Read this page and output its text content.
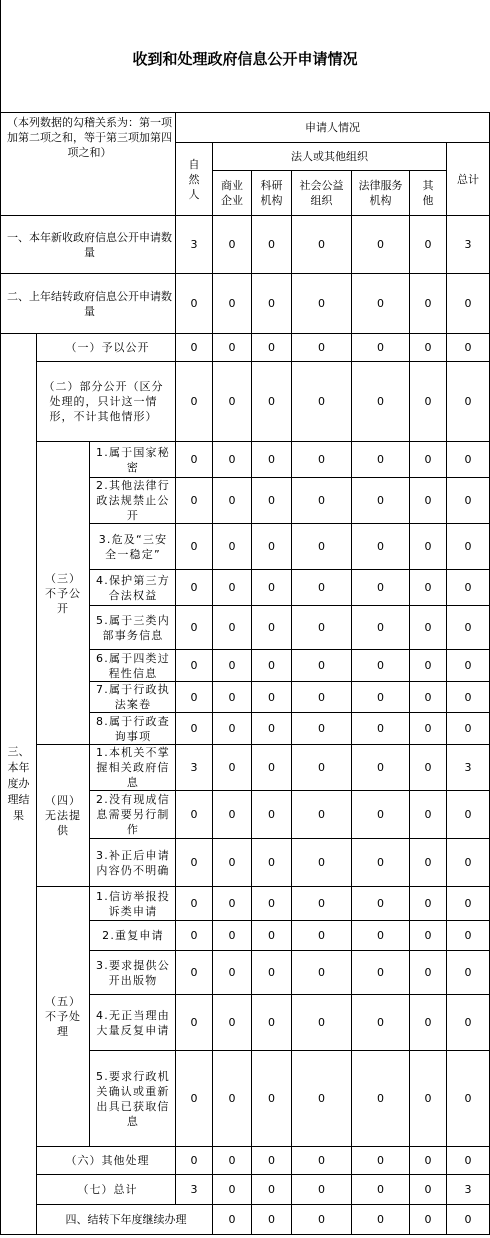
收到和处理政府信息公开申请情况
（本列数据的勾稽关系为：第一项加第二项之和，等于第三项加第四项之和）			申请人情况							
			自然人	法人或其他组织					总计	
				商业企业	科研机构	社会公益组织	法律服务机构	其他		
一、本年新收政府信息公开申请数量			3	0	0	0	0	0	3	
二、上年结转政府信息公开申请数量			0	0	0	0	0	0	0	
三、本年度办理结果	（一）予以公开		0	0	0	0	0	0	0	
	（二）部分公开（区分处理的，只计这一情形，不计其他情形）		0	0	0	0	0	0	0	
	（三）不予公开	1.属于国家秘密	0	0	0	0	0	0	0	
		2.其他法律行政法规禁止公开	0	0	0	0	0	0	0	
		3.危及“三安全一稳定”	0	0	0	0	0	0	0	
		4.保护第三方合法权益	0	0	0	0	0	0	0	
		5.属于三类内部事务信息	0	0	0	0	0	0	0	
		6.属于四类过程性信息	0	0	0	0	0	0	0	
		7.属于行政执法案卷	0	0	0	0	0	0	0	
		8.属于行政查询事项	0	0	0	0	0	0	0	
	（四）无法提供	1.本机关不掌握相关政府信息	3	0	0	0	0	0	3	
		2.没有现成信息需要另行制作	0	0	0	0	0	0	0	
		3.补正后申请内容仍不明确	0	0	0	0	0	0	0	
	（五）不予处理	1.信访举报投诉类申请	0	0	0	0	0	0	0	
		2.重复申请	0	0	0	0	0	0	0	
		3.要求提供公开出版物	0	0	0	0	0	0	0	
		4.无正当理由大量反复申请	0	0	0	0	0	0	0	
		5.要求行政机关确认或重新出具已获取信息	0	0	0	0	0	0	0	
	（六）其他处理		0	0	0	0	0	0	0	
	（七）总计		3	0	0	0	0	0	3	
	四、结转下年度继续办理			0	0	0	0	0	0	
